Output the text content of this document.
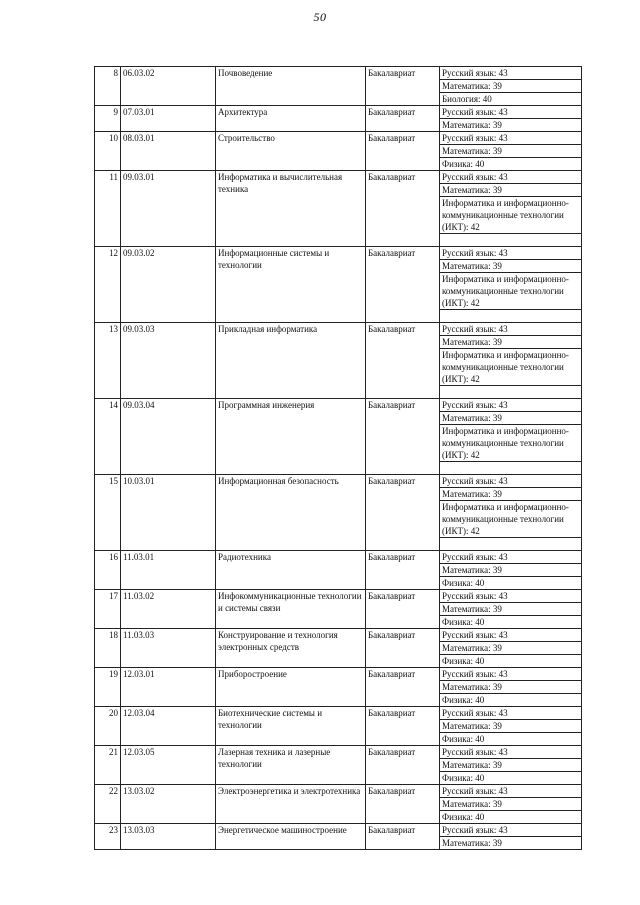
50
8	06.03.02	Почвоведение	Бакалавриат	Русский язык: 43
				Математика: 39
				Биология: 40
9	07.03.01	Архитектура	Бакалавриат	Русский язык: 43
				Математика: 39
10	08.03.01	Строительство	Бакалавриат	Русский язык: 43
				Математика: 39
				Физика: 40
11	09.03.01	Информатика и вычислительная техника	Бакалавриат	Русский язык: 43
				Математика: 39
				Информатика и информационно-коммуникационные технологии (ИКТ): 42

12	09.03.02	Информационные системы и технологии	Бакалавриат	Русский язык: 43
				Математика: 39
				Информатика и информационно-коммуникационные технологии (ИКТ): 42

13	09.03.03	Прикладная информатика	Бакалавриат	Русский язык: 43
				Математика: 39
				Информатика и информационно-коммуникационные технологии (ИКТ): 42

14	09.03.04	Программная инженерия	Бакалавриат	Русский язык: 43
				Математика: 39
				Информатика и информационно-коммуникационные технологии (ИКТ): 42

15	10.03.01	Информационная безопасность	Бакалавриат	Русский язык: 43
				Математика: 39
				Информатика и информационно-коммуникационные технологии (ИКТ): 42

16	11.03.01	Радиотехника	Бакалавриат	Русский язык: 43
				Математика: 39
				Физика: 40
17	11.03.02	Инфокоммуникационные технологии и системы связи	Бакалавриат	Русский язык: 43
				Математика: 39
				Физика: 40
18	11.03.03	Конструирование и технология электронных средств	Бакалавриат	Русский язык: 43
				Математика: 39
				Физика: 40
19	12.03.01	Приборостроение	Бакалавриат	Русский язык: 43
				Математика: 39
				Физика: 40
20	12.03.04	Биотехнические системы и технологии	Бакалавриат	Русский язык: 43
				Математика: 39
				Физика: 40
21	12.03.05	Лазерная техника и лазерные технологии	Бакалавриат	Русский язык: 43
				Математика: 39
				Физика: 40
22	13.03.02	Электроэнергетика и электротехника	Бакалавриат	Русский язык: 43
				Математика: 39
				Физика: 40
23	13.03.03	Энергетическое машиностроение	Бакалавриат	Русский язык: 43
				Математика: 39
